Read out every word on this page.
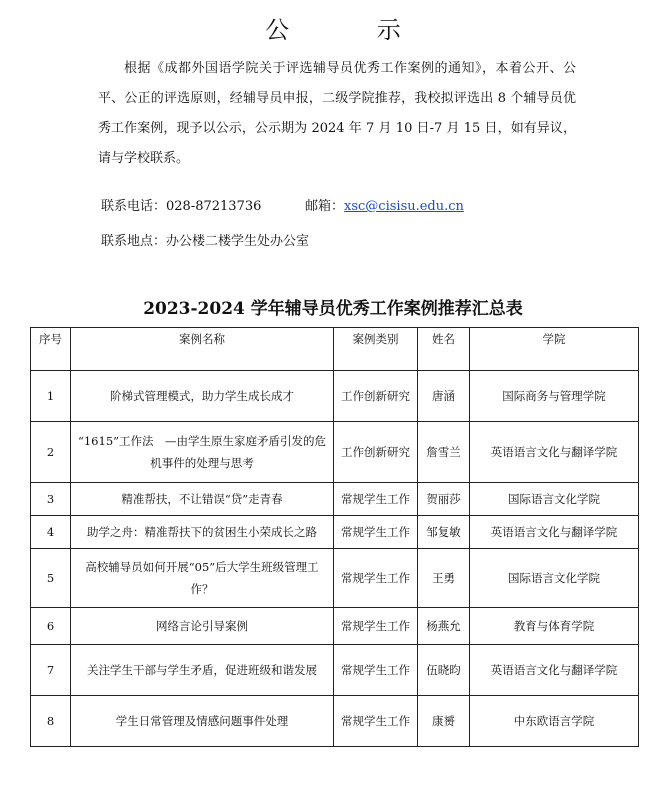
公 示

根据《成都外国语学院关于评选辅导员优秀工作案例的通知》，本着公开、公平、公正的评选原则，经辅导员申报，二级学院推荐，我校拟评选出 8 个辅导员优秀工作案例，现予以公示，公示期为 2024 年 7 月 10 日-7 月 15 日，如有异议，请与学校联系。

联系电话：028-87213736	邮箱：xsc@cisisu.edu.cn
联系地点：办公楼二楼学生处办公室
2023-2024 学年辅导员优秀工作案例推荐汇总表
序号	案例名称	案例类别	姓名	学院
1	阶梯式管理模式，助力学生成长成才	工作创新研究	唐涵	国际商务与管理学院
2	“1615”工作法　—由学生原生家庭矛盾引发的危机事件的处理与思考	工作创新研究	詹雪兰	英语语言文化与翻译学院
3	精准帮扶，不让错误“贷”走青春	常规学生工作	贺丽莎	国际语言文化学院
4	助学之舟：精准帮扶下的贫困生小荣成长之路	常规学生工作	邹复敏	英语语言文化与翻译学院
5	高校辅导员如何开展“05”后大学生班级管理工作？	常规学生工作	王勇	国际语言文化学院
6	网络言论引导案例	常规学生工作	杨燕允	教育与体育学院
7	关注学生干部与学生矛盾，促进班级和谐发展	常规学生工作	伍晓昀	英语语言文化与翻译学院
8	学生日常管理及情感问题事件处理	常规学生工作	康赟	中东欧语言学院
